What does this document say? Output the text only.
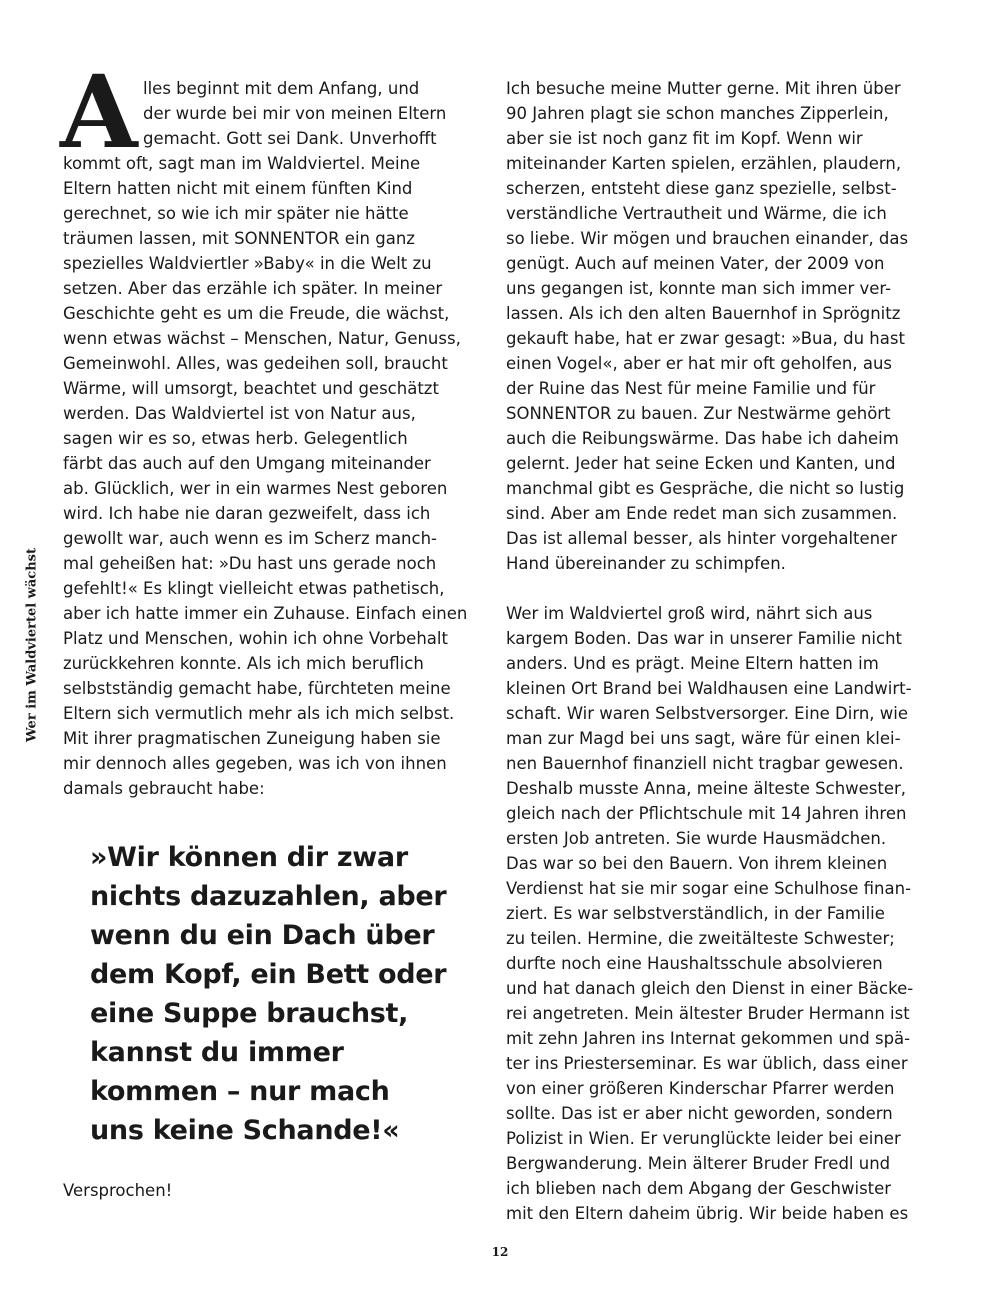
Wer im Waldviertel wächst
A lles beginnt mit dem Anfang, und
der wurde bei mir von meinen Eltern
gemacht. Gott sei Dank. Unverhofft
kommt oft, sagt man im Waldviertel. Meine
Eltern hatten nicht mit einem fünften Kind
gerechnet, so wie ich mir später nie hätte
träumen lassen, mit SONNENTOR ein ganz
spezielles Waldviertler »Baby« in die Welt zu
setzen. Aber das erzähle ich später. In meiner
Geschichte geht es um die Freude, die wächst,
wenn etwas wächst – Menschen, Natur, Genuss,
Gemeinwohl. Alles, was gedeihen soll, braucht
Wärme, will umsorgt, beachtet und geschätzt
werden. Das Waldviertel ist von Natur aus,
sagen wir es so, etwas herb. Gelegentlich
färbt das auch auf den Umgang miteinander
ab. Glücklich, wer in ein warmes Nest geboren
wird. Ich habe nie daran gezweifelt, dass ich
gewollt war, auch wenn es im Scherz manch-
mal geheißen hat: »Du hast uns gerade noch
gefehlt!« Es klingt vielleicht etwas pathetisch,
aber ich hatte immer ein Zuhause. Einfach einen
Platz und Menschen, wohin ich ohne Vorbehalt
zurückkehren konnte. Als ich mich beruflich
selbstständig gemacht habe, fürchteten meine
Eltern sich vermutlich mehr als ich mich selbst.
Mit ihrer pragmatischen Zuneigung haben sie
mir dennoch alles gegeben, was ich von ihnen
damals gebraucht habe:
»Wir können dir zwar
nichts dazuzahlen, aber
wenn du ein Dach über
dem Kopf, ein Bett oder
eine Suppe brauchst,
kannst du immer
kommen – nur mach
uns keine Schande!«
Versprochen!
Ich besuche meine Mutter gerne. Mit ihren über
90 Jahren plagt sie schon manches Zipperlein,
aber sie ist noch ganz fit im Kopf. Wenn wir
miteinander Karten spielen, erzählen, plaudern,
scherzen, entsteht diese ganz spezielle, selbst-
verständliche Vertrautheit und Wärme, die ich
so liebe. Wir mögen und brauchen einander, das
genügt. Auch auf meinen Vater, der 2009 von
uns gegangen ist, konnte man sich immer ver-
lassen. Als ich den alten Bauernhof in Sprögnitz
gekauft habe, hat er zwar gesagt: »Bua, du hast
einen Vogel«, aber er hat mir oft geholfen, aus
der Ruine das Nest für meine Familie und für
SONNENTOR zu bauen. Zur Nestwärme gehört
auch die Reibungswärme. Das habe ich daheim
gelernt. Jeder hat seine Ecken und Kanten, und
manchmal gibt es Gespräche, die nicht so lustig
sind. Aber am Ende redet man sich zusammen.
Das ist allemal besser, als hinter vorgehaltener
Hand übereinander zu schimpfen.
Wer im Waldviertel groß wird, nährt sich aus
kargem Boden. Das war in unserer Familie nicht
anders. Und es prägt. Meine Eltern hatten im
kleinen Ort Brand bei Waldhausen eine Landwirt-
schaft. Wir waren Selbstversorger. Eine Dirn, wie
man zur Magd bei uns sagt, wäre für einen klei-
nen Bauernhof finanziell nicht tragbar gewesen.
Deshalb musste Anna, meine älteste Schwester,
gleich nach der Pflichtschule mit 14 Jahren ihren
ersten Job antreten. Sie wurde Hausmädchen.
Das war so bei den Bauern. Von ihrem kleinen
Verdienst hat sie mir sogar eine Schulhose finan-
ziert. Es war selbstverständlich, in der Familie
zu teilen. Hermine, die zweitälteste Schwester;
durfte noch eine Haushaltsschule absolvieren
und hat danach gleich den Dienst in einer Bäcke-
rei angetreten. Mein ältester Bruder Hermann ist
mit zehn Jahren ins Internat gekommen und spä-
ter ins Priesterseminar. Es war üblich, dass einer
von einer größeren Kinderschar Pfarrer werden
sollte. Das ist er aber nicht geworden, sondern
Polizist in Wien. Er verunglückte leider bei einer
Bergwanderung. Mein älterer Bruder Fredl und
ich blieben nach dem Abgang der Geschwister
mit den Eltern daheim übrig. Wir beide haben es
12
